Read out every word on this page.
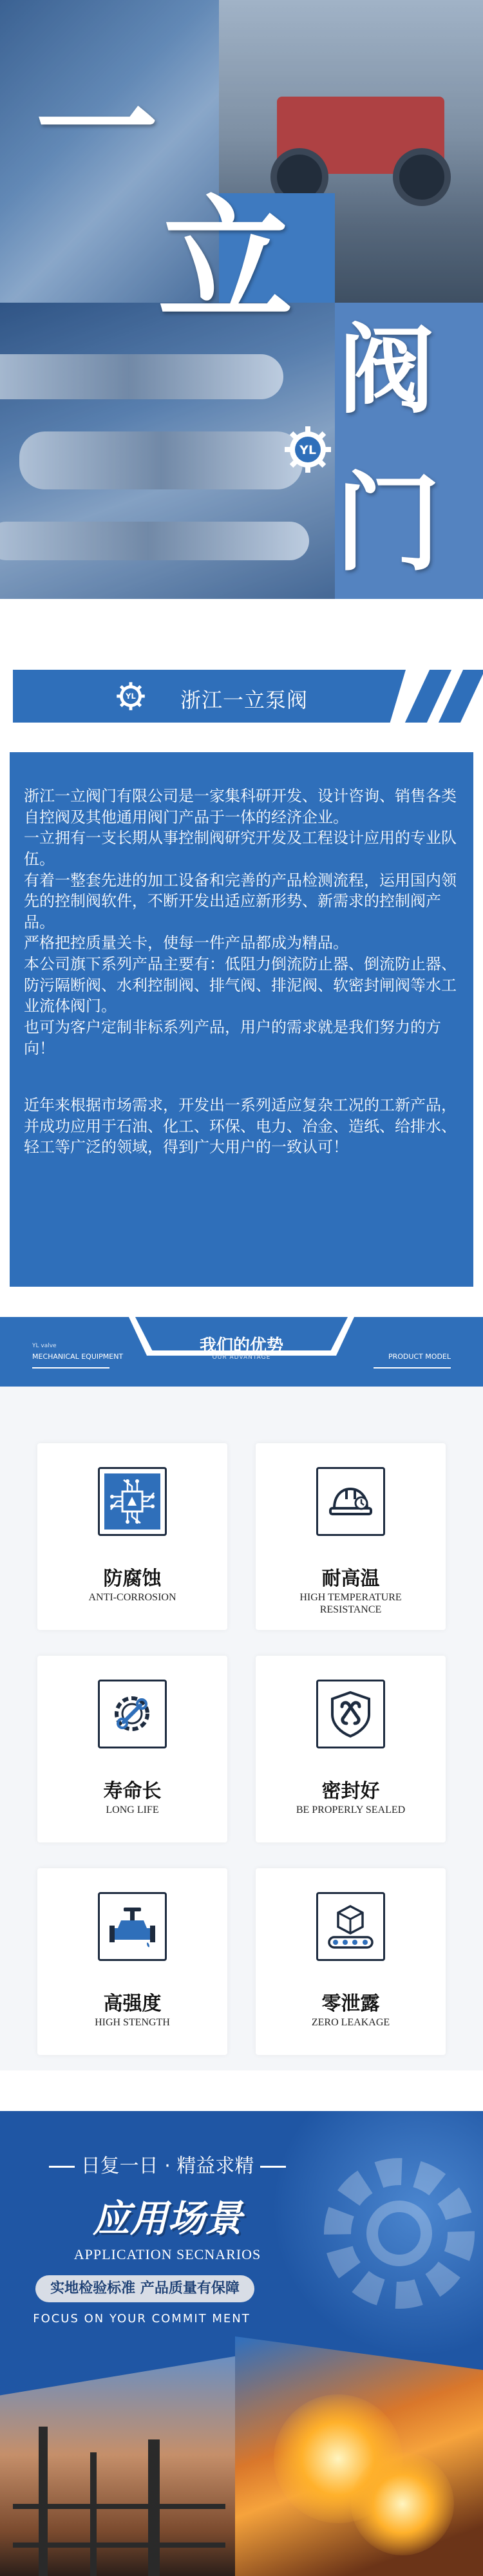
一
立
阀
门
YL
YL 浙江一立泵阀

浙江一立阀门有限公司是一家集科研开发、设计咨询、销售各类自控阀及其他通用阀门产品于一体的经济企业。

一立拥有一支长期从事控制阀研究开发及工程设计应用的专业队伍。

有着一整套先进的加工设备和完善的产品检测流程，运用国内领先的控制阀软件，不断开发出适应新形势、新需求的控制阀产品。

严格把控质量关卡，使每一件产品都成为精品。

本公司旗下系列产品主要有：低阻力倒流防止器、倒流防止器、防污隔断阀、水利控制阀、排气阀、排泥阀、软密封闸阀等水工业流体阀门。

也可为客户定制非标系列产品，用户的需求就是我们努力的方向！

近年来根据市场需求，开发出一系列适应复杂工况的工新产品，并成功应用于石油、化工、环保、电力、冶金、造纸、给排水、轻工等广泛的领域，得到广大用户的一致认可！

我们的优势
OUR ADVANTAGE
YL valve
MECHANICAL EQUIPMENT	PRODUCT MODEL
防腐蚀
ANTI-CORROSION
耐高温
HIGH TEMPERATURE RESISTANCE
寿命长
LONG LIFE
密封好
BE PROPERLY SEALED
高强度
HIGH STENGTH
零泄露
ZERO LEAKAGE
日复一日 · 精益求精
应用场景
APPLICATION SECNARIOS
实地检验标准 产品质量有保障
FOCUS ON YOUR COMMIT MENT
